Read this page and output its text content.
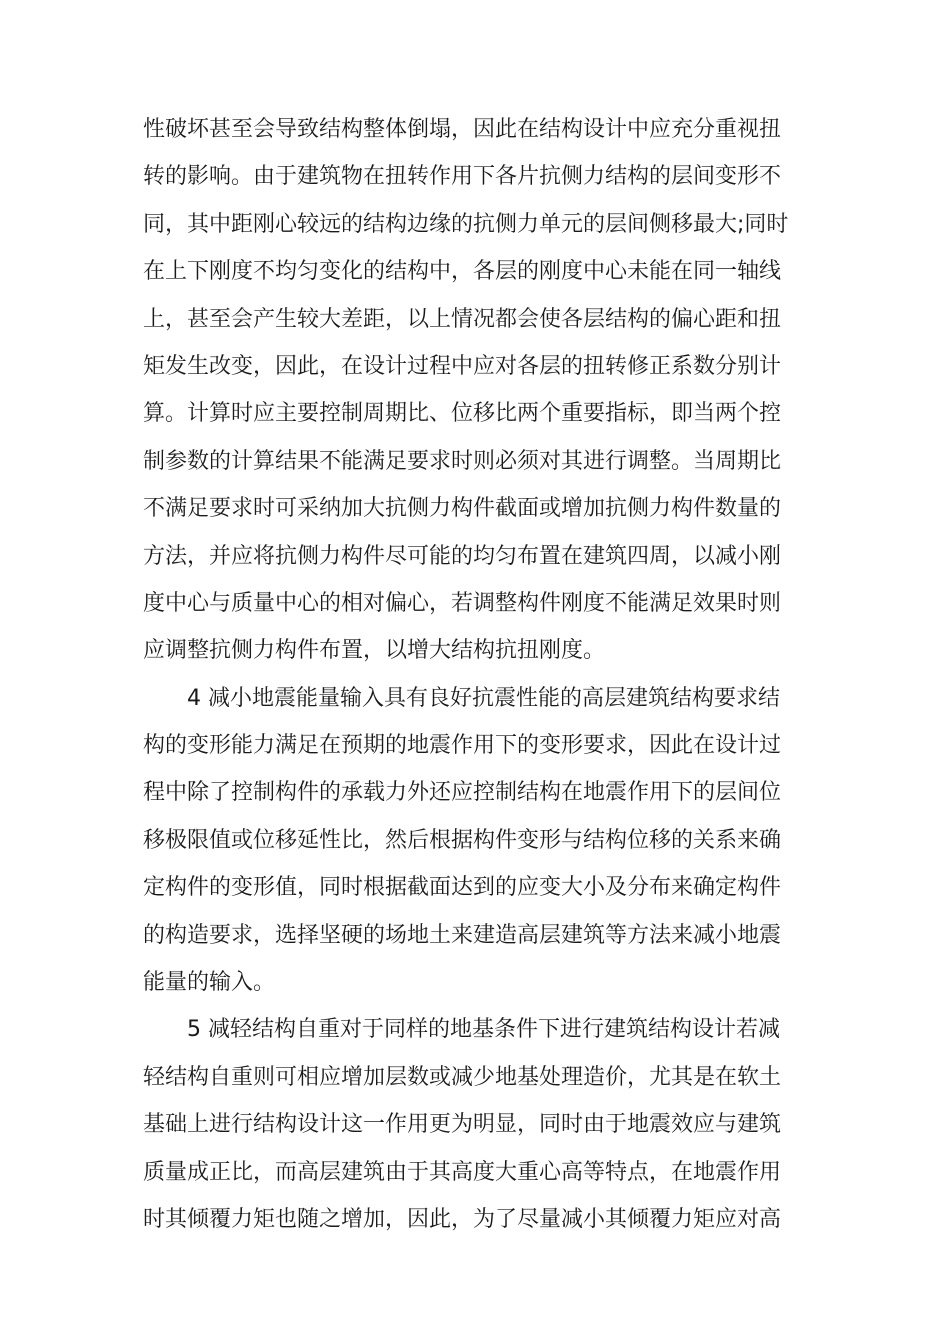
性破坏甚至会导致结构整体倒塌，因此在结构设计中应充分重视扭
转的影响。由于建筑物在扭转作用下各片抗侧力结构的层间变形不
同，其中距刚心较远的结构边缘的抗侧力单元的层间侧移最大;同时
在上下刚度不均匀变化的结构中，各层的刚度中心未能在同一轴线
上，甚至会产生较大差距，以上情况都会使各层结构的偏心距和扭
矩发生改变，因此，在设计过程中应对各层的扭转修正系数分别计
算。计算时应主要控制周期比、位移比两个重要指标，即当两个控
制参数的计算结果不能满足要求时则必须对其进行调整。当周期比
不满足要求时可采纳加大抗侧力构件截面或增加抗侧力构件数量的
方法，并应将抗侧力构件尽可能的均匀布置在建筑四周，以减小刚
度中心与质量中心的相对偏心，若调整构件刚度不能满足效果时则
应调整抗侧力构件布置，以增大结构抗扭刚度。
4 减小地震能量输入具有良好抗震性能的高层建筑结构要求结
构的变形能力满足在预期的地震作用下的变形要求，因此在设计过
程中除了控制构件的承载力外还应控制结构在地震作用下的层间位
移极限值或位移延性比，然后根据构件变形与结构位移的关系来确
定构件的变形值，同时根据截面达到的应变大小及分布来确定构件
的构造要求，选择坚硬的场地土来建造高层建筑等方法来减小地震
能量的输入。
5 减轻结构自重对于同样的地基条件下进行建筑结构设计若减
轻结构自重则可相应增加层数或减少地基处理造价，尤其是在软土
基础上进行结构设计这一作用更为明显，同时由于地震效应与建筑
质量成正比，而高层建筑由于其高度大重心高等特点，在地震作用
时其倾覆力矩也随之增加，因此，为了尽量减小其倾覆力矩应对高
